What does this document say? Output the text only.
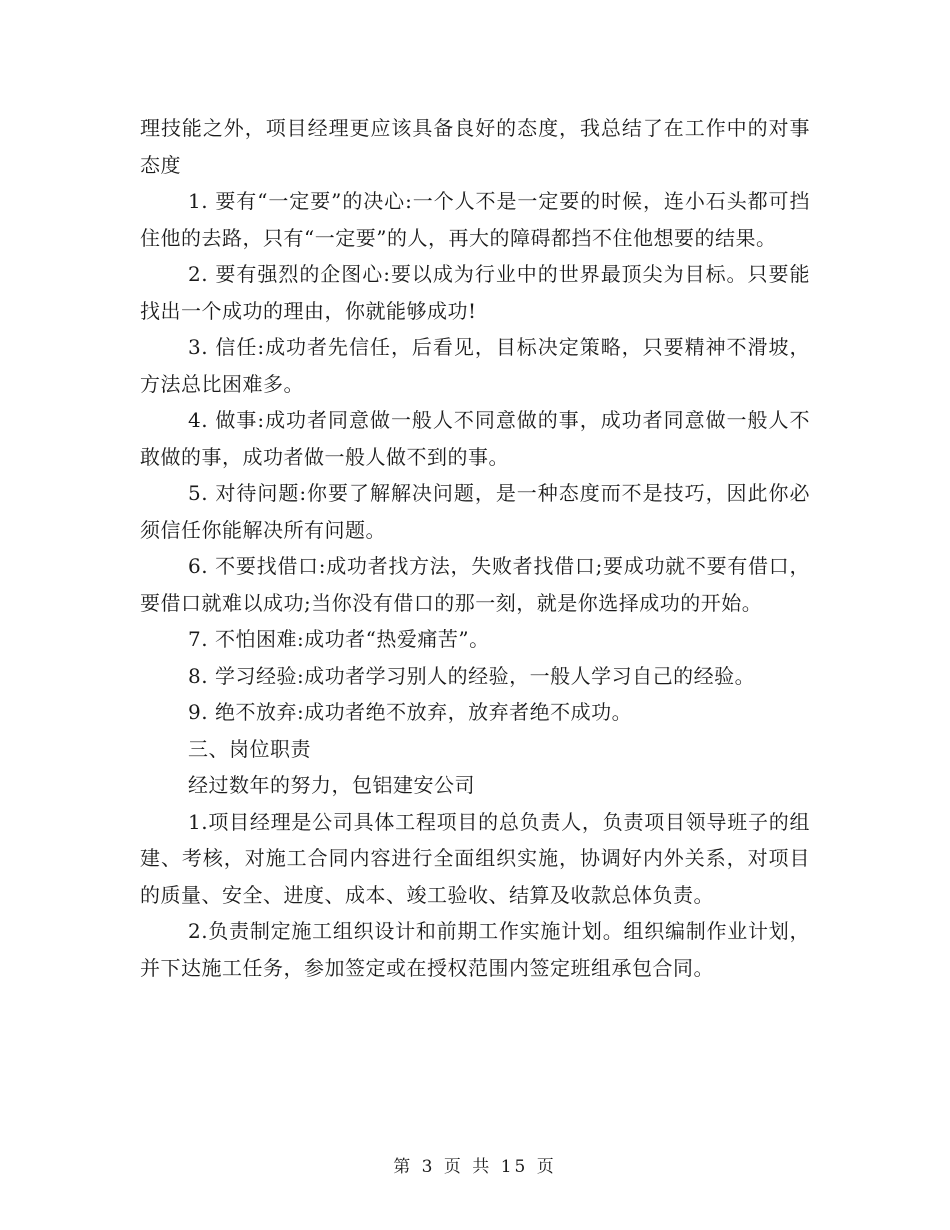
理技能之外，项目经理更应该具备良好的态度，我总结了在工作中的对事态度

1. 要有“一定要”的决心:一个人不是一定要的时候，连小石头都可挡住他的去路，只有“一定要”的人，再大的障碍都挡不住他想要的结果。

2. 要有强烈的企图心:要以成为行业中的世界最顶尖为目标。只要能找出一个成功的理由，你就能够成功!

3. 信任:成功者先信任，后看见，目标决定策略，只要精神不滑坡，方法总比困难多。

4. 做事:成功者同意做一般人不同意做的事，成功者同意做一般人不敢做的事，成功者做一般人做不到的事。

5. 对待问题:你要了解解决问题，是一种态度而不是技巧，因此你必须信任你能解决所有问题。

6. 不要找借口:成功者找方法，失败者找借口;要成功就不要有借口，要借口就难以成功;当你没有借口的那一刻，就是你选择成功的开始。

7. 不怕困难:成功者“热爱痛苦”。

8. 学习经验:成功者学习别人的经验，一般人学习自己的经验。

9. 绝不放弃:成功者绝不放弃，放弃者绝不成功。

三、岗位职责

经过数年的努力，包铝建安公司

1.项目经理是公司具体工程项目的总负责人，负责项目领导班子的组建、考核，对施工合同内容进行全面组织实施，协调好内外关系，对项目的质量、安全、进度、成本、竣工验收、结算及收款总体负责。

2.负责制定施工组织设计和前期工作实施计划。组织编制作业计划，并下达施工任务，参加签定或在授权范围内签定班组承包合同。

第 3 页 共 15 页
